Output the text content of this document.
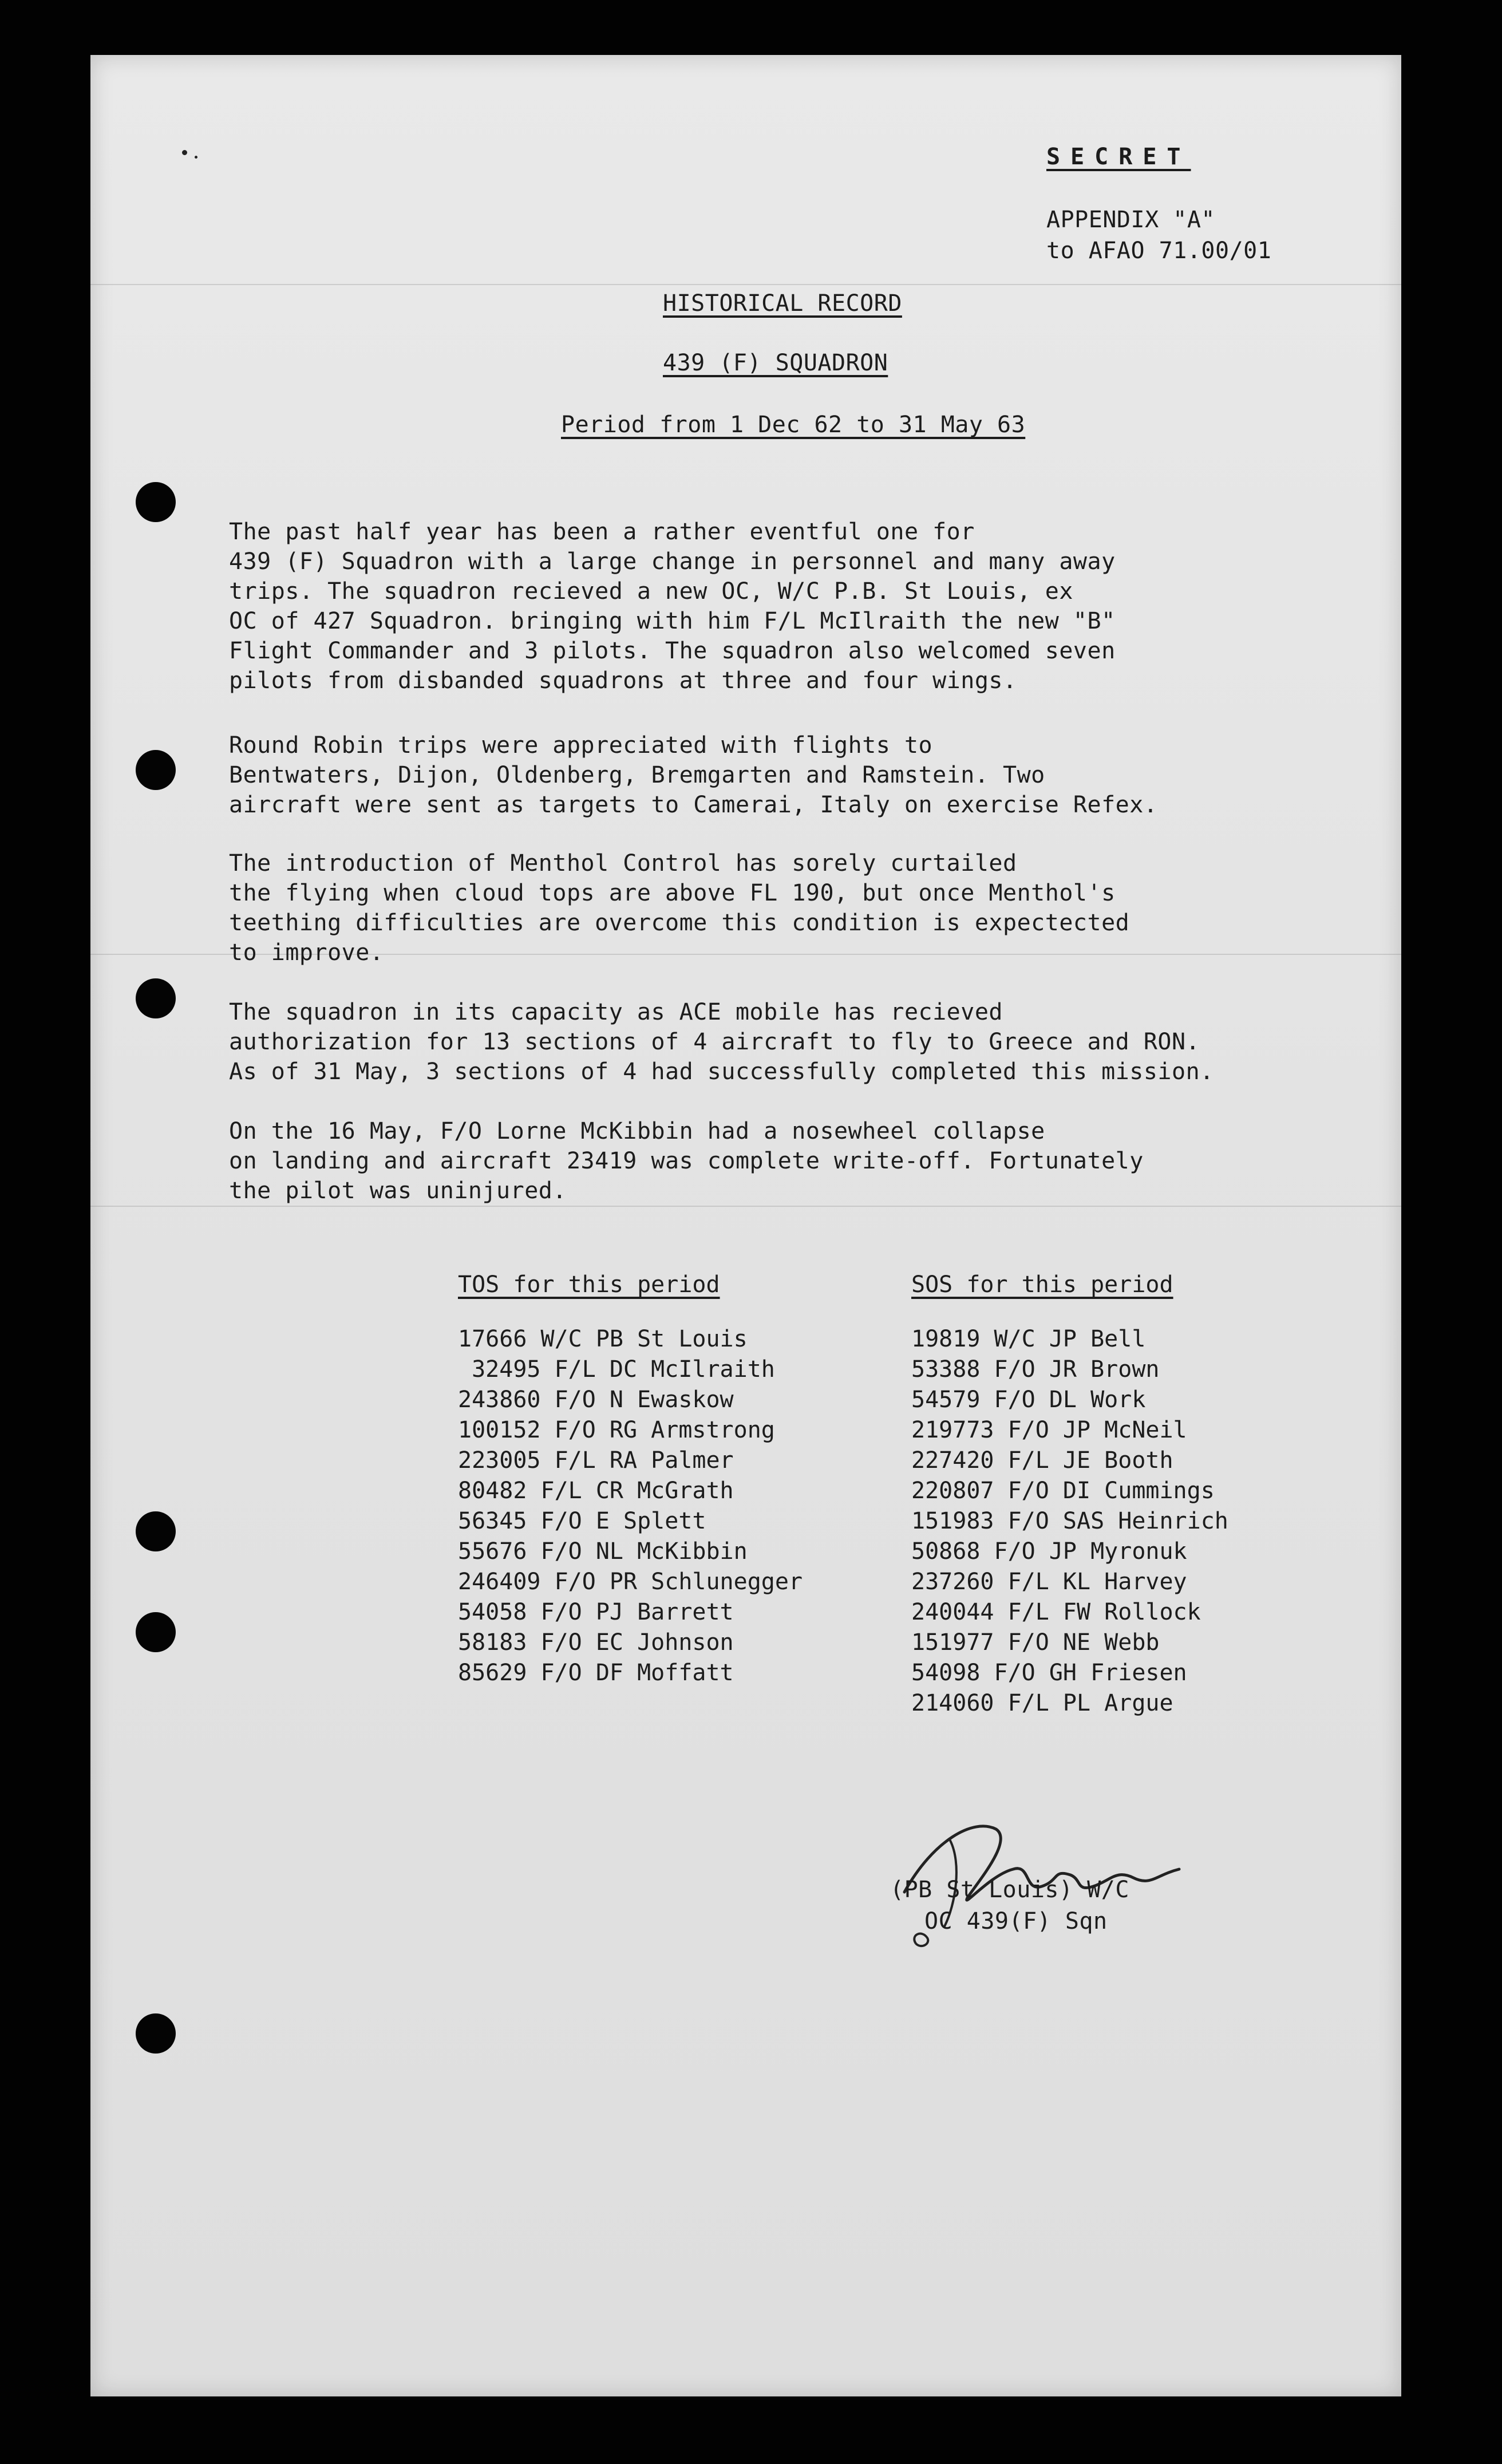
SECRET
APPENDIX "A"
to AFAO 71.00/01
HISTORICAL RECORD
439 (F) SQUADRON
Period from 1 Dec 62 to 31 May 63
The past half year has been a rather eventful one for
439 (F) Squadron with a large change in personnel and many away
trips. The squadron recieved a new OC, W/C P.B. St Louis, ex
OC of 427 Squadron. bringing with him F/L McIlraith the new "B"
Flight Commander and 3 pilots. The squadron also welcomed seven
pilots from disbanded squadrons at three and four wings.
Round Robin trips were appreciated with flights to
Bentwaters, Dijon, Oldenberg, Bremgarten and Ramstein. Two
aircraft were sent as targets to Camerai, Italy on exercise Refex.
The introduction of Menthol Control has sorely curtailed
the flying when cloud tops are above FL 190, but once Menthol's
teething difficulties are overcome this condition is expectected
to improve.
The squadron in its capacity as ACE mobile has recieved
authorization for 13 sections of 4 aircraft to fly to Greece and RON.
As of 31 May, 3 sections of 4 had successfully completed this mission.
On the 16 May, F/O Lorne McKibbin had a nosewheel collapse
on landing and aircraft 23419 was complete write-off. Fortunately
the pilot was uninjured.
TOS for this period
17666 W/C PB St Louis
32495 F/L DC McIlraith
243860 F/O N Ewaskow
100152 F/O RG Armstrong
223005 F/L RA Palmer
80482 F/L CR McGrath
56345 F/O E Splett
55676 F/O NL McKibbin
246409 F/O PR Schlunegger
54058 F/O PJ Barrett
58183 F/O EC Johnson
85629 F/O DF Moffatt
SOS for this period
19819 W/C JP Bell
53388 F/O JR Brown
54579 F/O DL Work
219773 F/O JP McNeil
227420 F/L JE Booth
220807 F/O DI Cummings
151983 F/O SAS Heinrich
50868 F/O JP Myronuk
237260 F/L KL Harvey
240044 F/L FW Rollock
151977 F/O NE Webb
54098 F/O GH Friesen
214060 F/L PL Argue
(PB St Louis) W/C
OC 439(F) Sqn
